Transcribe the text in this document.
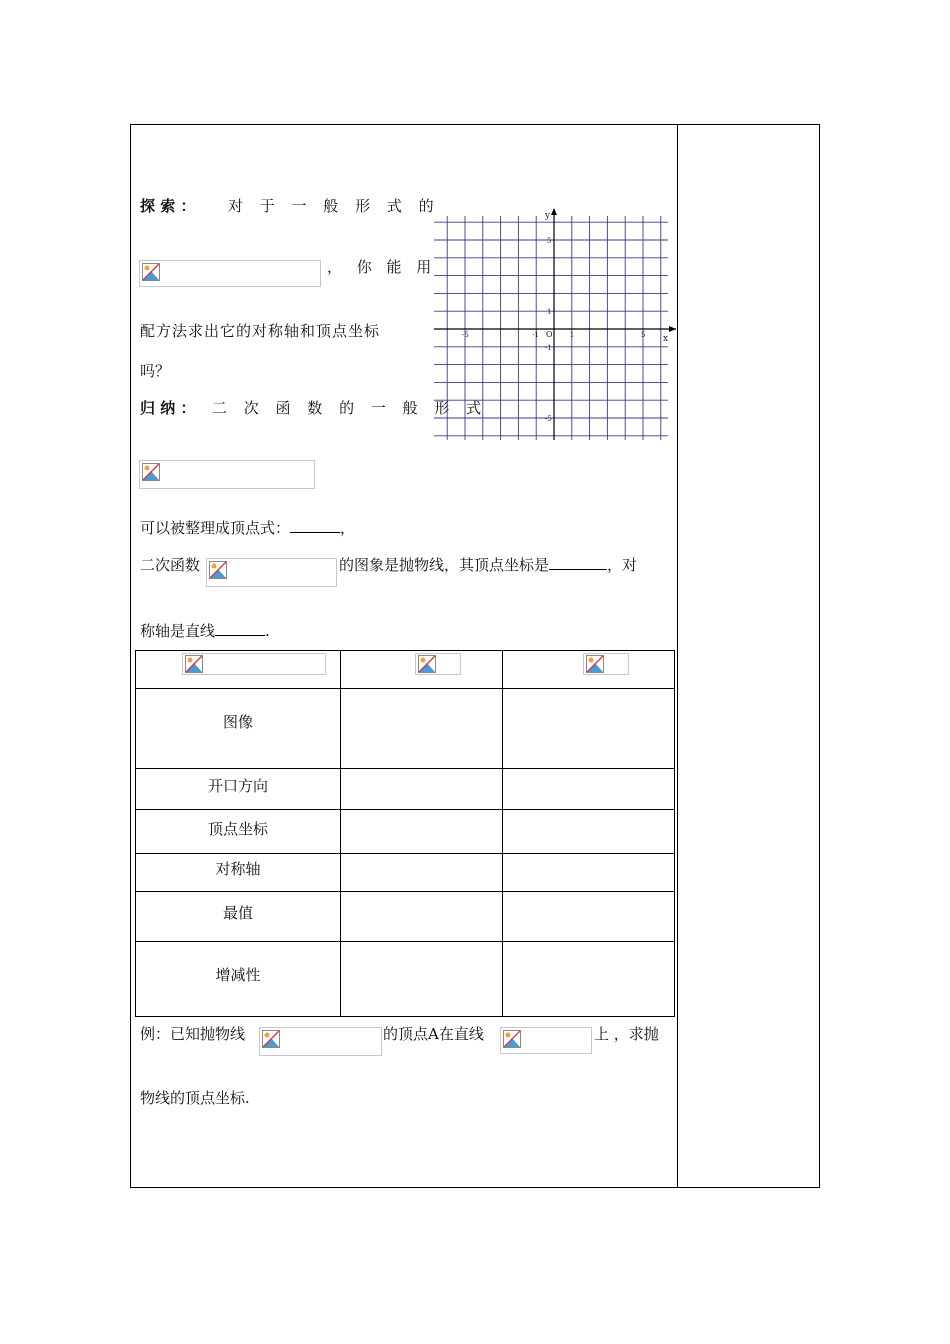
探 索 ： 对 于 一 般 形 式 的
， 你 能 用
配方法求出它的对称轴和顶点坐标
吗？
归 纳 ： 二 次 函 数 的 一 般 形 式
可以被整理成顶点式：	，
二次函数	的图象是抛物线，其顶点坐标是	，对
称轴是直线	.
x
y
O
-5	-1	1	5
5
1
-1
-5

图像		

开口方向		

顶点坐标		

对称轴		

最值		

增减性		

例：已知抛物线	的顶点A在直线	上 ，求抛
物线的顶点坐标.
